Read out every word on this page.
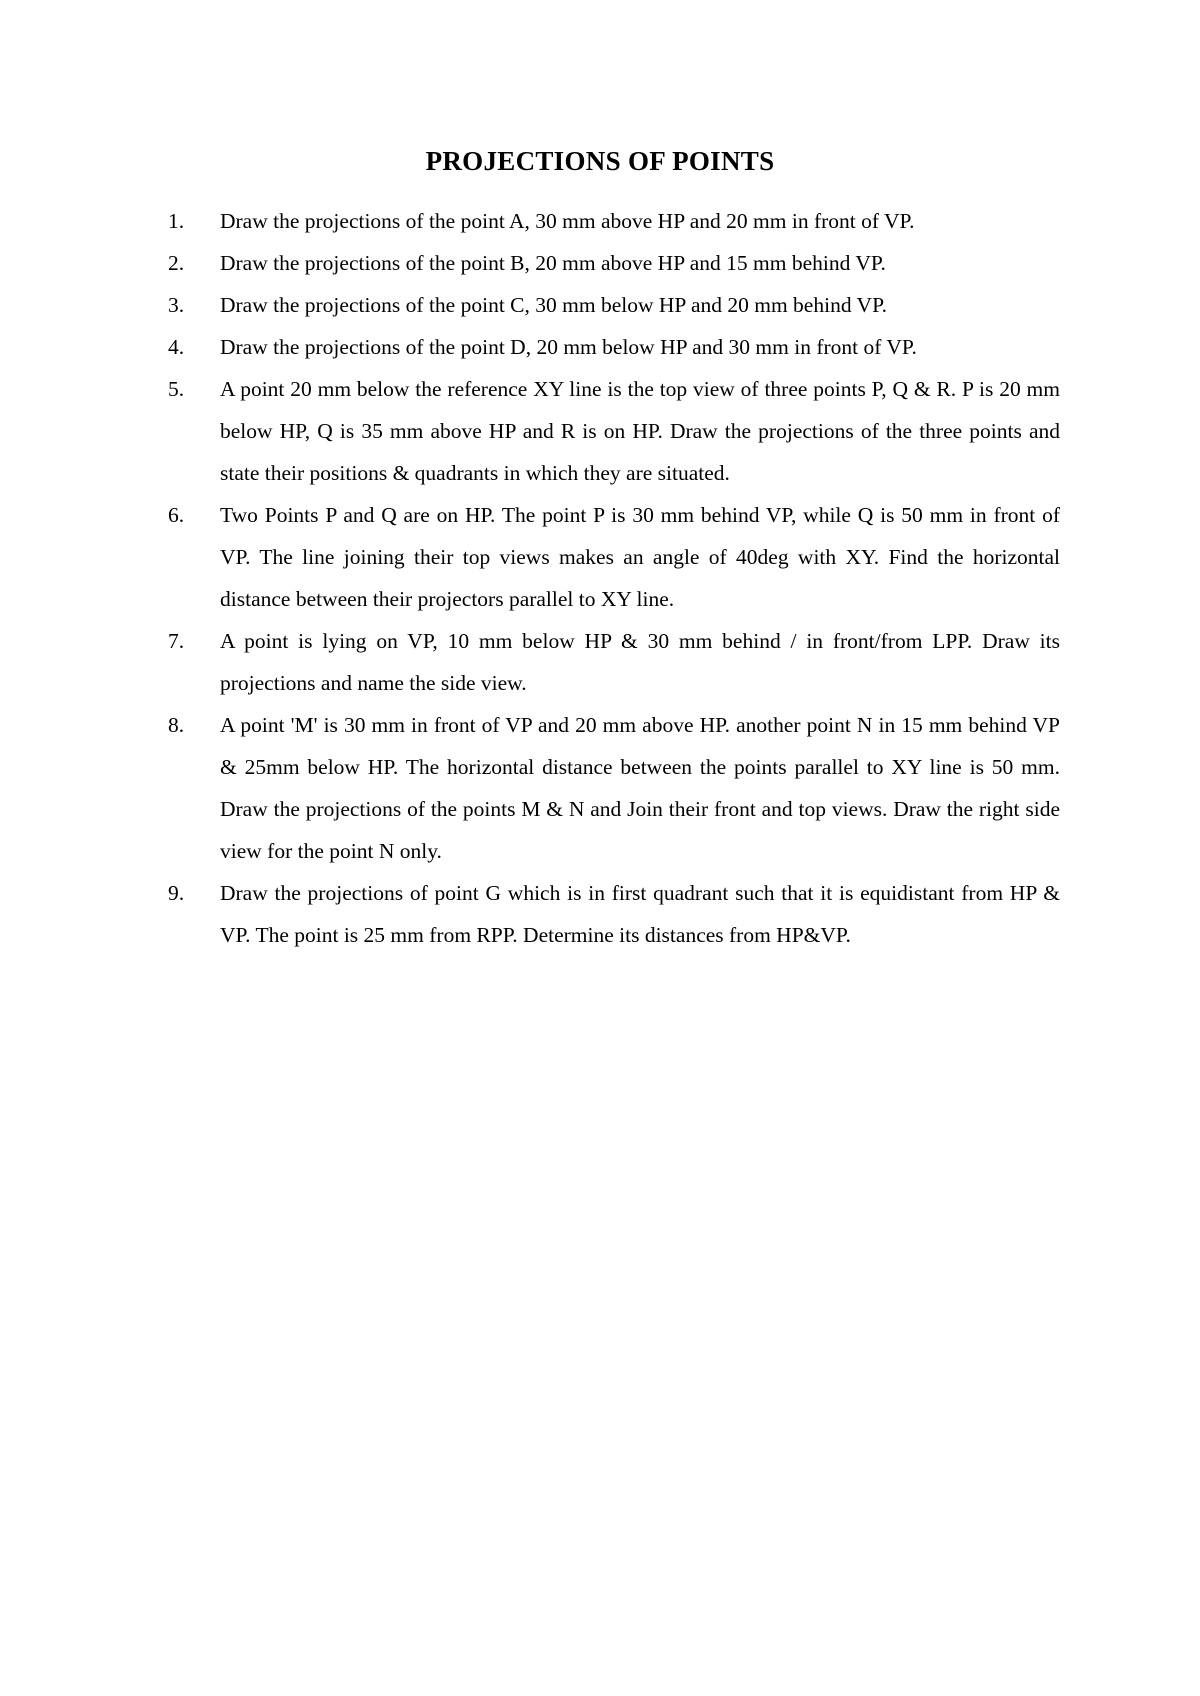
PROJECTIONS OF POINTS
1. Draw the projections of the point A, 30 mm above HP and 20 mm in front of VP.
2. Draw the projections of the point B, 20 mm above HP and 15 mm behind VP.
3. Draw the projections of the point C, 30 mm below HP and 20 mm behind VP.
4. Draw the projections of the point D, 20 mm below HP and 30 mm in front of VP.
5. A point 20 mm below the reference XY line is the top view of three points P, Q & R. P is 20 mm below HP, Q is 35 mm above HP and R is on HP. Draw the projections of the three points and state their positions & quadrants in which they are situated.
6. Two Points P and Q are on HP. The point P is 30 mm behind VP, while Q is 50 mm in front of VP. The line joining their top views makes an angle of 40deg with XY. Find the horizontal distance between their projectors parallel to XY line.
7. A point is lying on VP, 10 mm below HP & 30 mm behind / in front/from LPP. Draw its projections and name the side view.
8. A point 'M' is 30 mm in front of VP and 20 mm above HP. another point N in 15 mm behind VP & 25mm below HP. The horizontal distance between the points parallel to XY line is 50 mm. Draw the projections of the points M & N and Join their front and top views. Draw the right side view for the point N only.
9. Draw the projections of point G which is in first quadrant such that it is equidistant from HP & VP. The point is 25 mm from RPP. Determine its distances from HP&VP.
